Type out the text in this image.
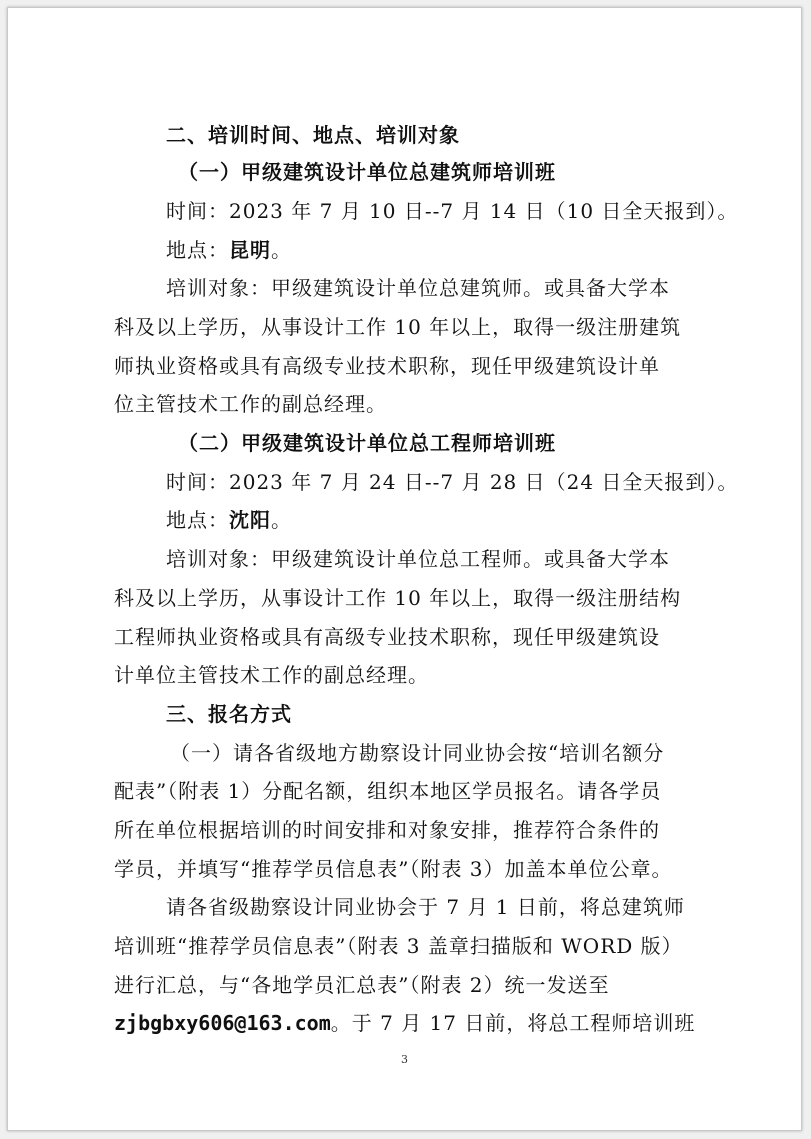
二、培训时间、地点、培训对象
（一）甲级建筑设计单位总建筑师培训班
时间：2023 年 7 月 10 日--7 月 14 日（10 日全天报到）。
地点：昆明。
培训对象：甲级建筑设计单位总建筑师。或具备大学本
科及以上学历，从事设计工作 10 年以上，取得一级注册建筑
师执业资格或具有高级专业技术职称，现任甲级建筑设计单
位主管技术工作的副总经理。
（二）甲级建筑设计单位总工程师培训班
时间：2023 年 7 月 24 日--7 月 28 日（24 日全天报到）。
地点：沈阳。
培训对象：甲级建筑设计单位总工程师。或具备大学本
科及以上学历，从事设计工作 10 年以上，取得一级注册结构
工程师执业资格或具有高级专业技术职称，现任甲级建筑设
计单位主管技术工作的副总经理。
三、报名方式
（一）请各省级地方勘察设计同业协会按“培训名额分
配表”（附表 1）分配名额，组织本地区学员报名。请各学员
所在单位根据培训的时间安排和对象安排，推荐符合条件的
学员，并填写“推荐学员信息表”（附表 3）加盖本单位公章。
请各省级勘察设计同业协会于 7 月 1 日前，将总建筑师
培训班“推荐学员信息表”（附表 3 盖章扫描版和 WORD 版）
进行汇总，与“各地学员汇总表”（附表 2）统一发送至
zjbgbxy606@163.com。于 7 月 17 日前，将总工程师培训班
3
